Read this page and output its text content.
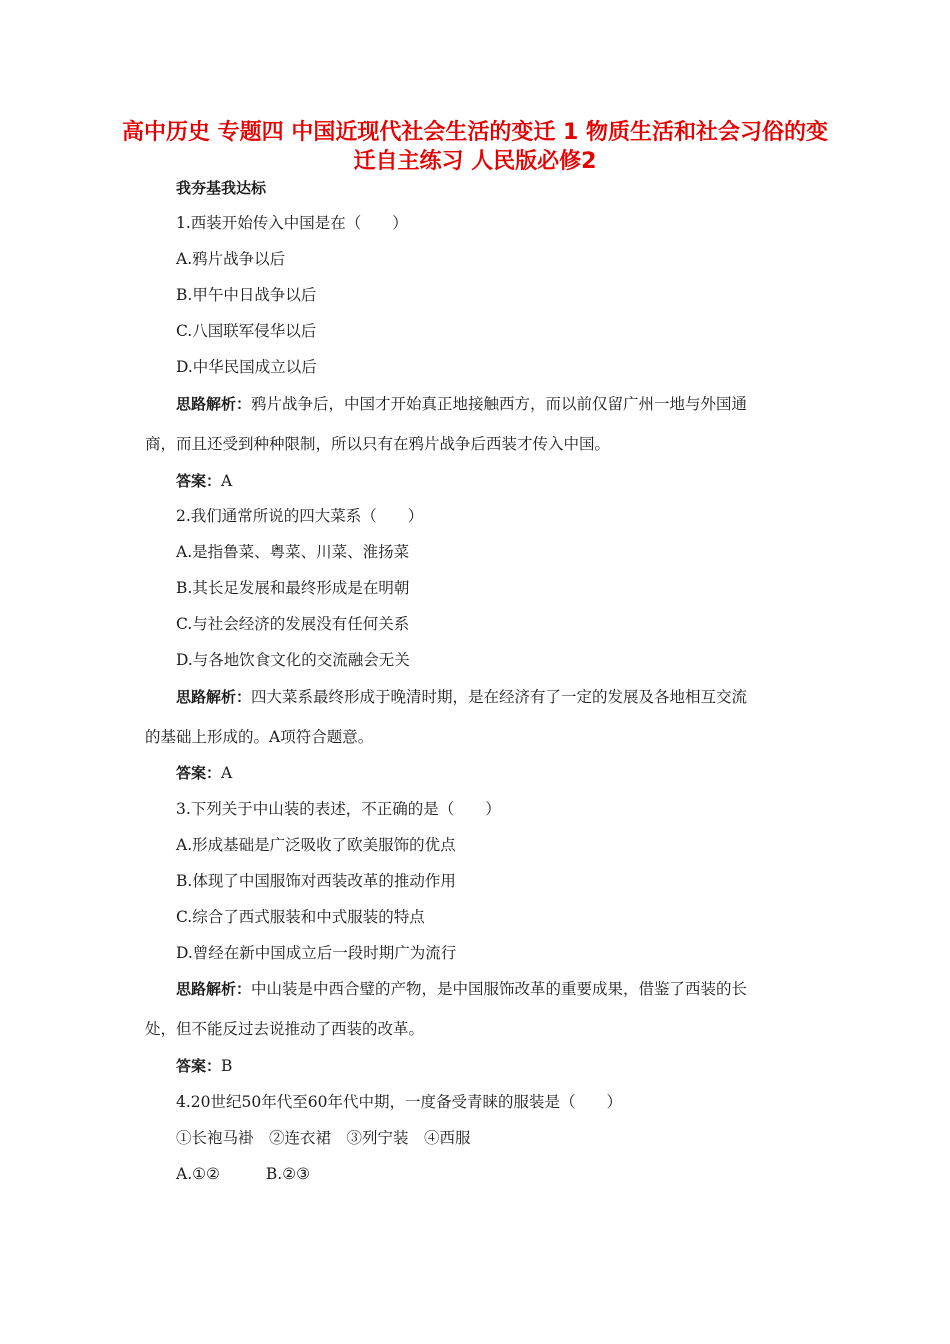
高中历史 专题四 中国近现代社会生活的变迁 1 物质生活和社会习俗的变迁自主练习 人民版必修2
我夯基我达标
1.西装开始传入中国是在（　　）
A.鸦片战争以后
B.甲午中日战争以后
C.八国联军侵华以后
D.中华民国成立以后
思路解析：鸦片战争后，中国才开始真正地接触西方，而以前仅留广州一地与外国通
商，而且还受到种种限制，所以只有在鸦片战争后西装才传入中国。
答案：A
2.我们通常所说的四大菜系（　　）
A.是指鲁菜、粤菜、川菜、淮扬菜
B.其长足发展和最终形成是在明朝
C.与社会经济的发展没有任何关系
D.与各地饮食文化的交流融会无关
思路解析：四大菜系最终形成于晚清时期，是在经济有了一定的发展及各地相互交流
的基础上形成的。A项符合题意。
答案：A
3.下列关于中山装的表述，不正确的是（　　）
A.形成基础是广泛吸收了欧美服饰的优点
B.体现了中国服饰对西装改革的推动作用
C.综合了西式服装和中式服装的特点
D.曾经在新中国成立后一段时期广为流行
思路解析：中山装是中西合璧的产物，是中国服饰改革的重要成果，借鉴了西装的长
处，但不能反过去说推动了西装的改革。
答案：B
4.20世纪50年代至60年代中期，一度备受青睐的服装是（　　）
①长袍马褂　②连衣裙　③列宁装　④西服
A.①②	B.②③
